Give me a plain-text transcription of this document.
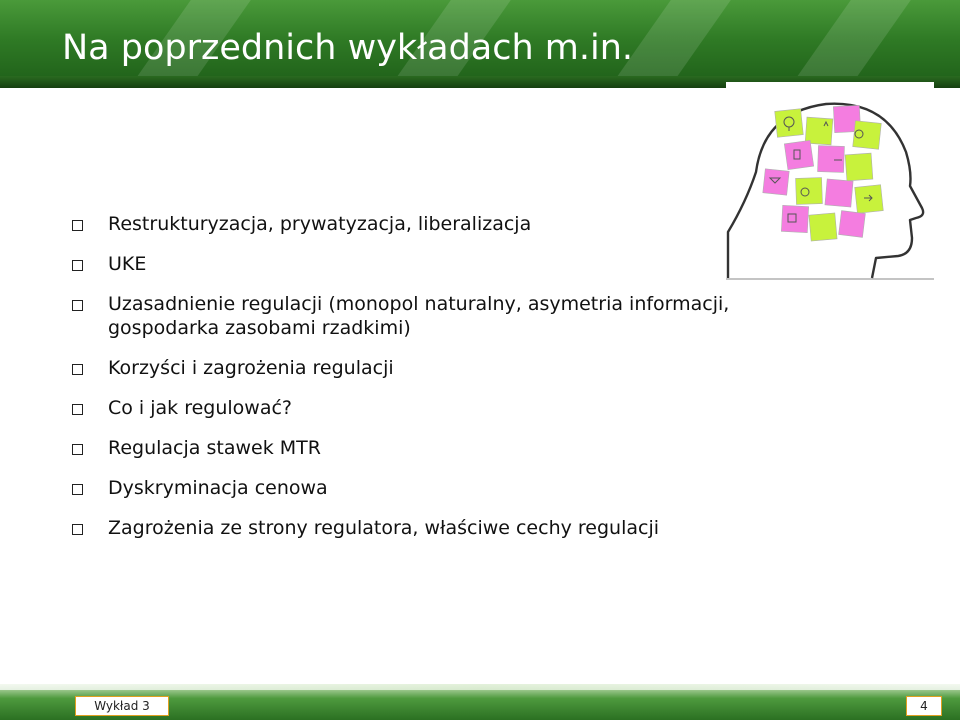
Na poprzednich wykładach m.in.
Restrukturyzacja, prywatyzacja, liberalizacja
UKE
Uzasadnienie regulacji (monopol naturalny, asymetria informacji, gospodarka zasobami rzadkimi)
Korzyści i zagrożenia regulacji
Co i jak regulować?
Regulacja stawek MTR
Dyskryminacja cenowa
Zagrożenia ze strony regulatora, właściwe cechy regulacji
Wykład 3	4
